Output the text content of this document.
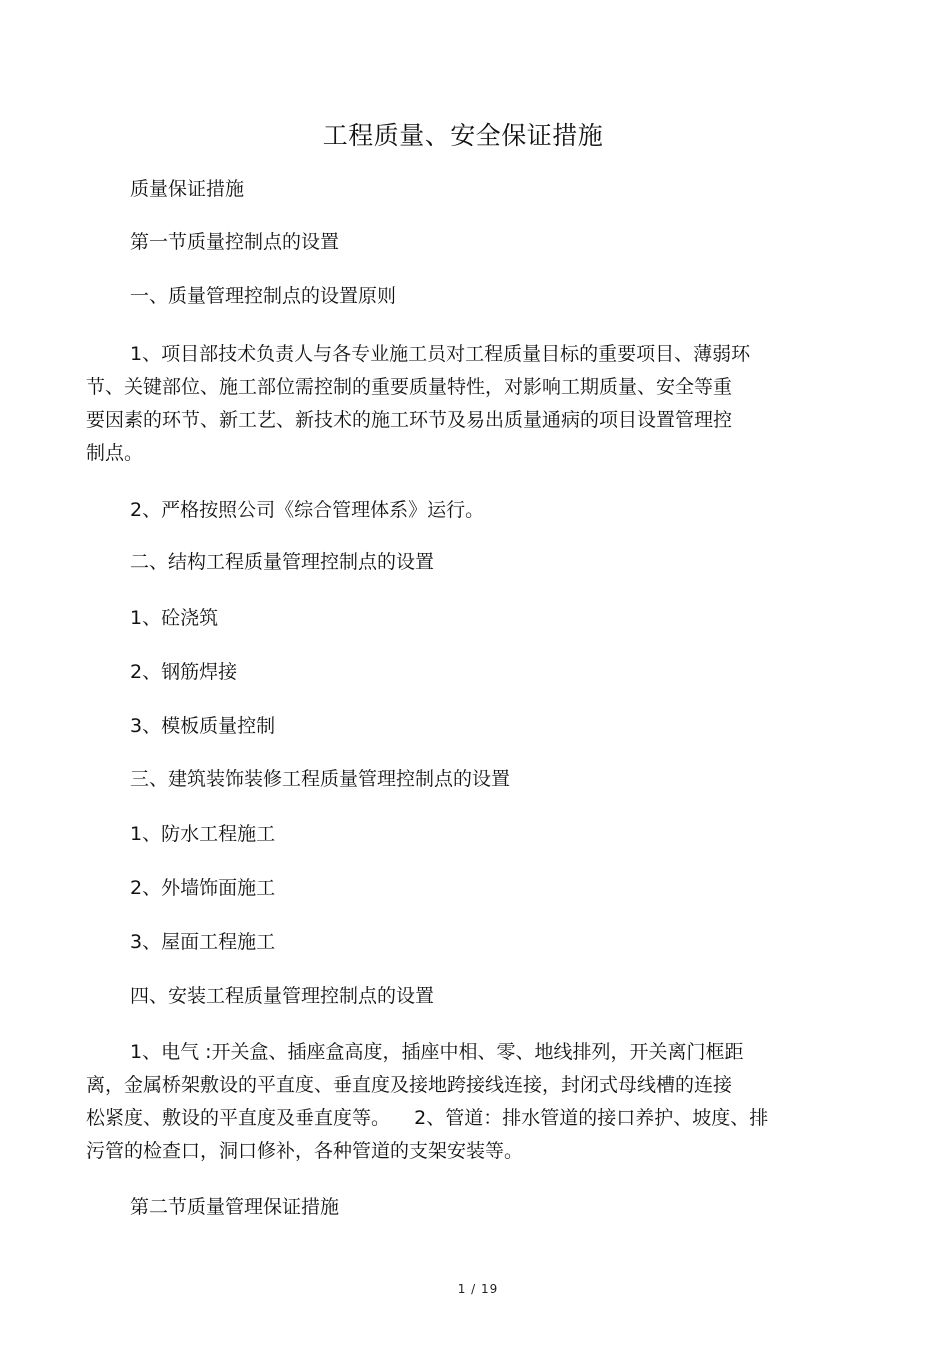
工程质量、安全保证措施
质量保证措施
第一节质量控制点的设置
一、质量管理控制点的设置原则
1、项目部技术负责人与各专业施工员对工程质量目标的重要项目、薄弱环
节、关键部位、施工部位需控制的重要质量特性，对影响工期质量、安全等重
要因素的环节、新工艺、新技术的施工环节及易出质量通病的项目设置管理控
制点。
2、严格按照公司《综合管理体系》运行。
二、结构工程质量管理控制点的设置
1、砼浇筑
2、钢筋焊接
3、模板质量控制
三、建筑装饰装修工程质量管理控制点的设置
1、防水工程施工
2、外墙饰面施工
3、屋面工程施工
四、安装工程质量管理控制点的设置
1、电气 :开关盒、插座盒高度，插座中相、零、地线排列，开关离门框距
离，金属桥架敷设的平直度、垂直度及接地跨接线连接，封闭式母线槽的连接
松紧度、敷设的平直度及垂直度等。    2、管道：排水管道的接口养护、坡度、排
污管的检查口，洞口修补，各种管道的支架安装等。
第二节质量管理保证措施
1 / 19
